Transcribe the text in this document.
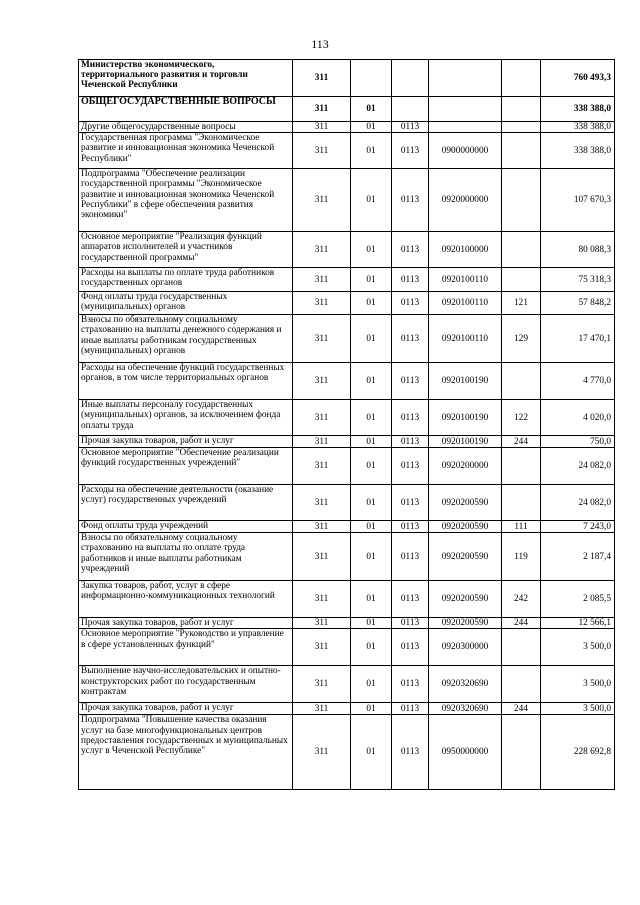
113
Министерство экономического, территориального развития и торговли Чеченской Республики	311					760 493,3
ОБЩЕГОСУДАРСТВЕННЫЕ ВОПРОСЫ	311	01				338 388,0
Другие общегосударственные вопросы	311	01	0113			338 388,0
Государственная программа "Экономическое развитие и инновационная экономика Чеченской Республики"	311	01	0113	0900000000		338 388,0
Подпрограмма "Обеспечение реализации государственной программы "Экономическое развитие и инновационная экономика Чеченской Республики" в сфере обеспечения развития экономики"	311	01	0113	0920000000		107 670,3
Основное мероприятие "Реализация функций аппаратов исполнителей и участников государственной программы"	311	01	0113	0920100000		80 088,3
Расходы на выплаты по оплате труда работников государственных органов	311	01	0113	0920100110		75 318,3
Фонд оплаты труда государственных (муниципальных) органов	311	01	0113	0920100110	121	57 848,2
Взносы по обязательному социальному страхованию на выплаты денежного содержания и иные выплаты работникам государственных (муниципальных) органов	311	01	0113	0920100110	129	17 470,1
Расходы на обеспечение функций государственных органов, в том числе территориальных органов	311	01	0113	0920100190		4 770,0
Иные выплаты персоналу государственных (муниципальных) органов, за исключением фонда оплаты труда	311	01	0113	0920100190	122	4 020,0
Прочая закупка товаров, работ и услуг	311	01	0113	0920100190	244	750,0
Основное мероприятие "Обеспечение реализации функций государственных учреждений"	311	01	0113	0920200000		24 082,0
Расходы на обеспечение деятельности (оказание услуг) государственных учреждений	311	01	0113	0920200590		24 082,0
Фонд оплаты труда учреждений	311	01	0113	0920200590	111	7 243,0
Взносы по обязательному социальному страхованию на выплаты по оплате труда работников и иные выплаты работникам учреждений	311	01	0113	0920200590	119	2 187,4
Закупка товаров, работ, услуг в сфере информационно-коммуникационных технологий	311	01	0113	0920200590	242	2 085,5
Прочая закупка товаров, работ и услуг	311	01	0113	0920200590	244	12 566,1
Основное мероприятие "Руководство и управление в сфере установленных функций"	311	01	0113	0920300000		3 500,0
Выполнение научно-исследовательских и опытно-конструкторских работ по государственным контрактам	311	01	0113	0920320690		3 500,0
Прочая закупка товаров, работ и услуг	311	01	0113	0920320690	244	3 500,0
Подпрограмма "Повышение качества оказания услуг на базе многофункциональных центров предоставления государственных и муниципальных услуг в Чеченской Республике"	311	01	0113	0950000000		228 692,8
